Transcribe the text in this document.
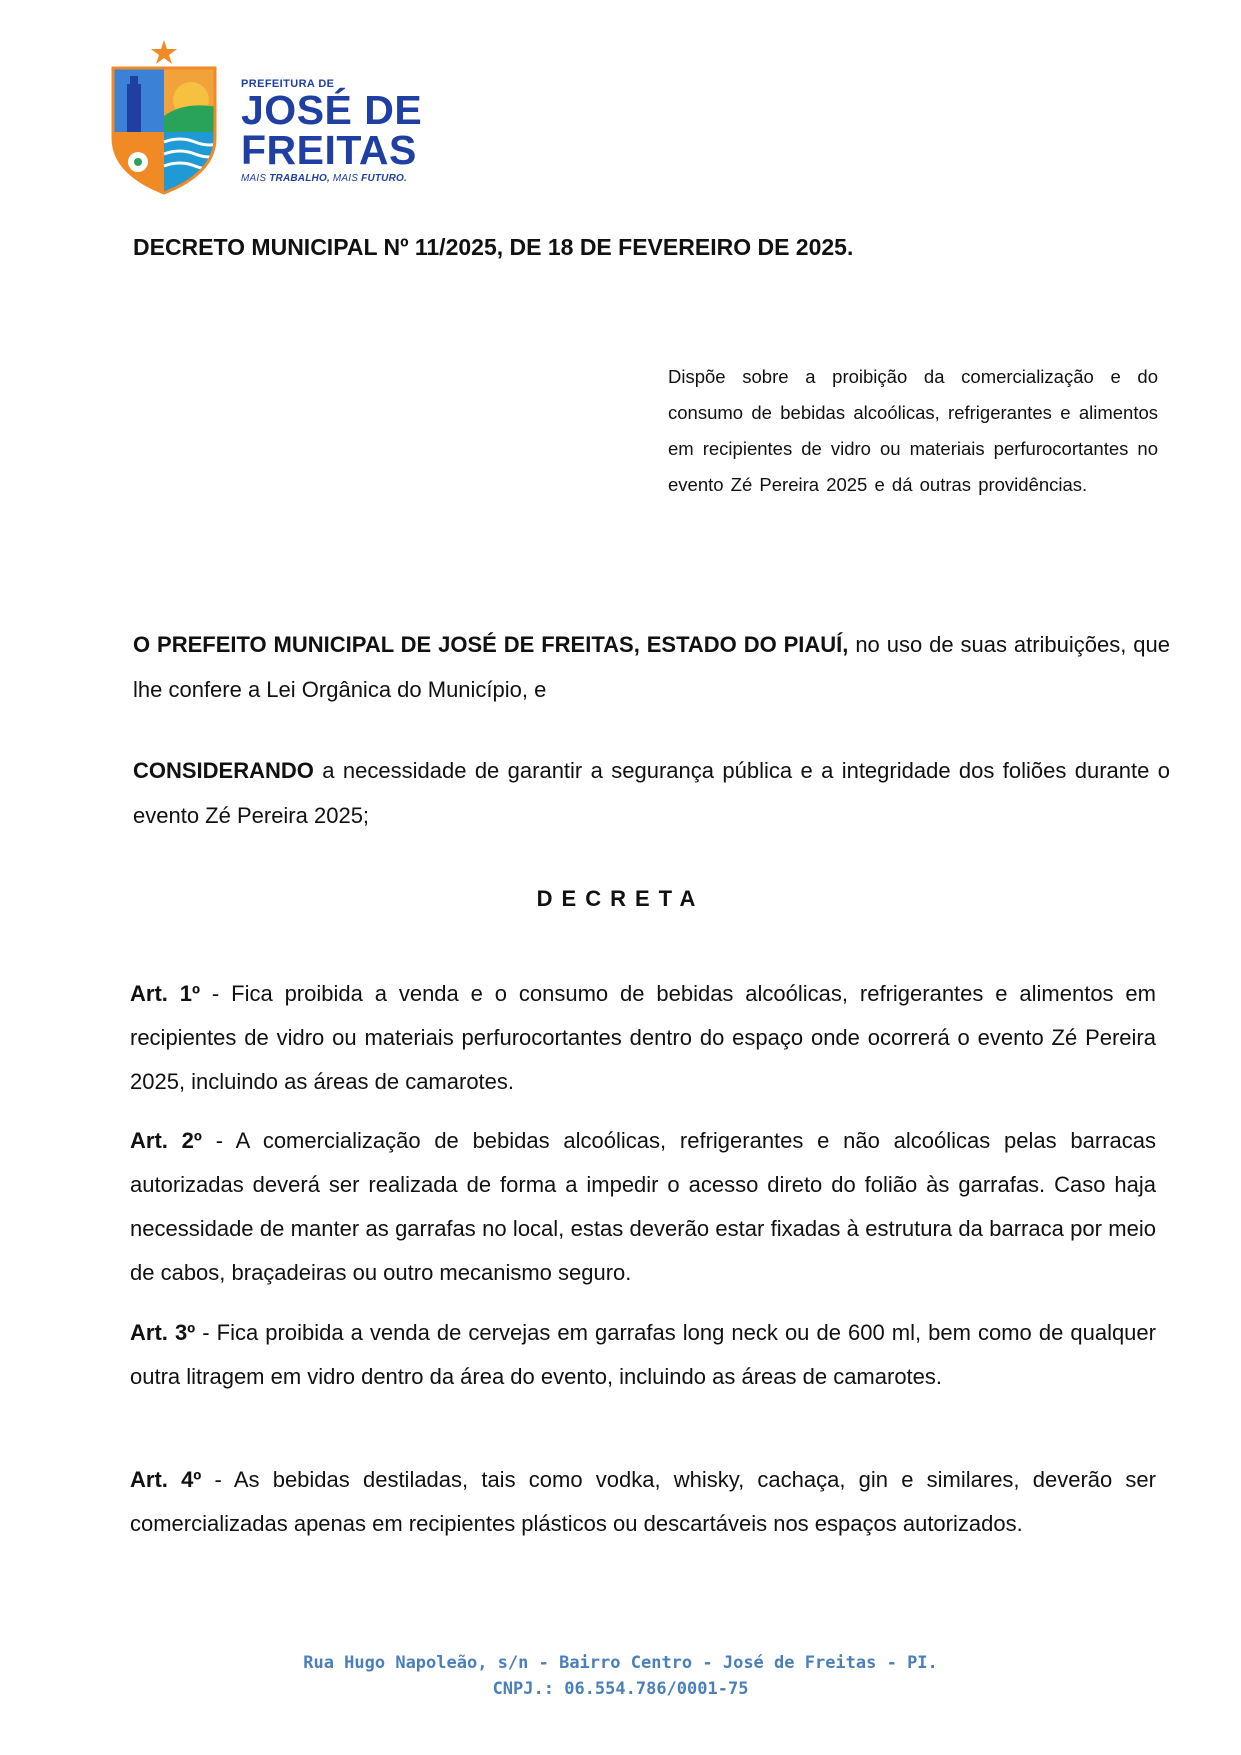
PREFEITURA DE
JOSÉ DE
FREITAS
MAIS TRABALHO, MAIS FUTURO.
DECRETO MUNICIPAL Nº 11/2025, DE 18 DE FEVEREIRO DE 2025.

Dispõe sobre a proibição da comercialização e do consumo de bebidas alcoólicas, refrigerantes e alimentos em recipientes de vidro ou materiais perfurocortantes no evento Zé Pereira 2025 e dá outras providências.

O PREFEITO MUNICIPAL DE JOSÉ DE FREITAS, ESTADO DO PIAUÍ, no uso de suas atribuições, que lhe confere a Lei Orgânica do Município, e

CONSIDERANDO a necessidade de garantir a segurança pública e a integridade dos foliões durante o evento Zé Pereira 2025;

DECRETA

Art. 1º - Fica proibida a venda e o consumo de bebidas alcoólicas, refrigerantes e alimentos em recipientes de vidro ou materiais perfurocortantes dentro do espaço onde ocorrerá o evento Zé Pereira 2025, incluindo as áreas de camarotes.

Art. 2º - A comercialização de bebidas alcoólicas, refrigerantes e não alcoólicas pelas barracas autorizadas deverá ser realizada de forma a impedir o acesso direto do folião às garrafas. Caso haja necessidade de manter as garrafas no local, estas deverão estar fixadas à estrutura da barraca por meio de cabos, braçadeiras ou outro mecanismo seguro.

Art. 3º - Fica proibida a venda de cervejas em garrafas long neck ou de 600 ml, bem como de qualquer outra litragem em vidro dentro da área do evento, incluindo as áreas de camarotes.

Art. 4º - As bebidas destiladas, tais como vodka, whisky, cachaça, gin e similares, deverão ser comercializadas apenas em recipientes plásticos ou descartáveis nos espaços autorizados.

Rua Hugo Napoleão, s/n - Bairro Centro - José de Freitas - PI.
CNPJ.: 06.554.786/0001-75
